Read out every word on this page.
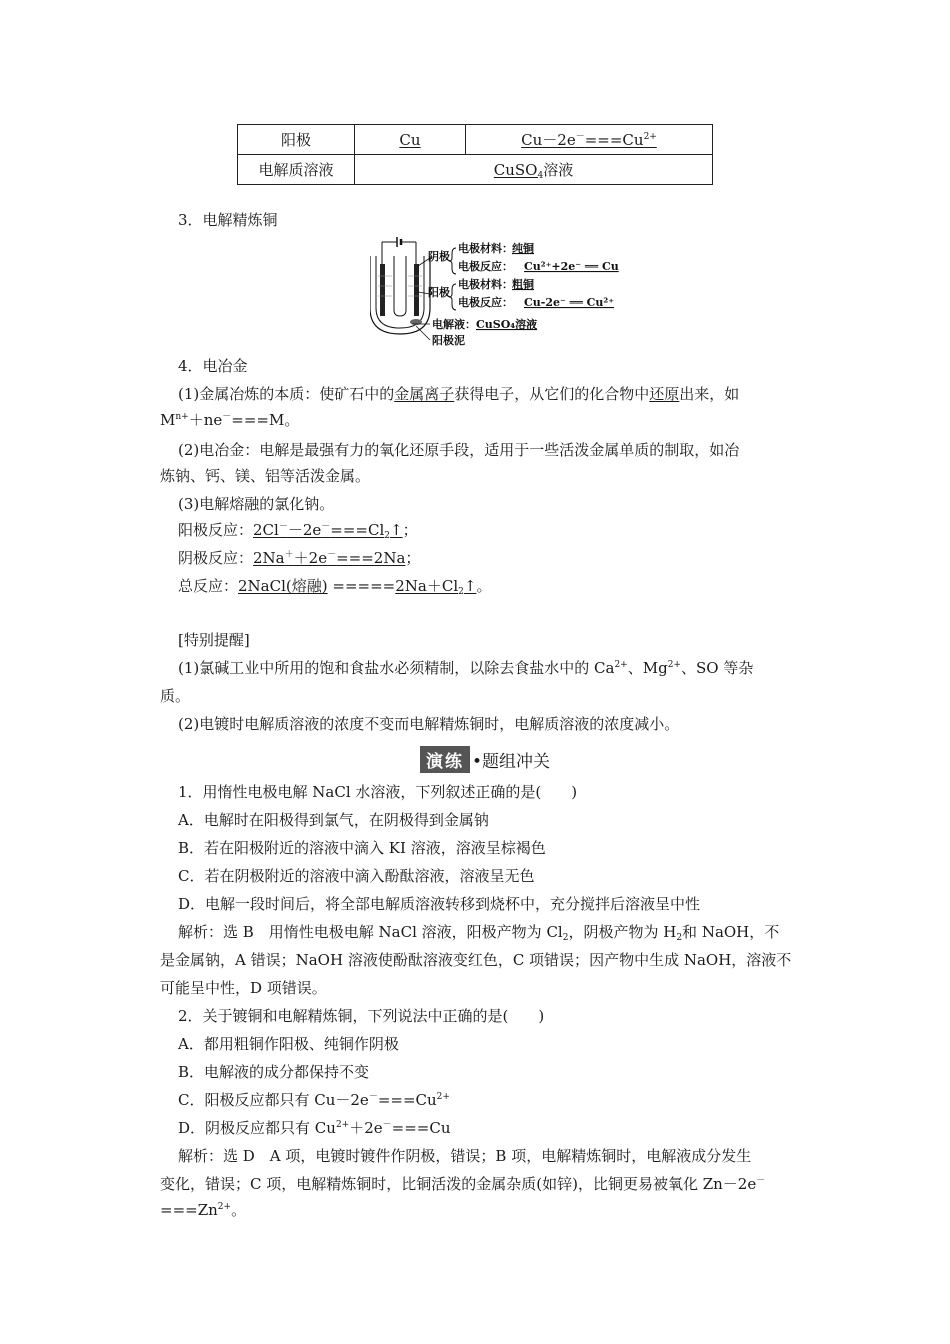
阳极	Cu	$Cu-2e^-===Cu^{2+}$
电解质溶液	CuSO$_4$溶液	
3．电解精炼铜
阴极
阳极
电极材料： 纯铜
电极反应： Cu²⁺+2e⁻ ══ Cu
电极材料： 粗铜
电极反应： Cu-2e⁻ ══ Cu²⁺
电解液： CuSO₄溶液
阳极泥
4．电冶金
(1)金属冶炼的本质：使矿石中的金属离子获得电子，从它们的化合物中还原出来，如
$M^{n+}+ne^-===M$。
(2)电冶金：电解是最强有力的氧化还原手段，适用于一些活泼金属单质的制取，如冶
炼钠、钙、镁、铝等活泼金属。
(3)电解熔融的氯化钠。
阳极反应：$2Cl^--2e^-===Cl_2↑$；
阴极反应：2Na＋＋2e－===2Na；
总反应：2NaCl(熔融) $=====2Na+Cl_2↑$。
[特别提醒]
(1)氯碱工业中所用的饱和食盐水必须精制，以除去食盐水中的 $Ca^{2+}$、$Mg^{2+}$、SO 等杂
质。
(2)电镀时电解质溶液的浓度不变而电解精炼铜时，电解质溶液的浓度减小。
演练 •题组冲关
1．用惰性电极电解 NaCl 水溶液，下列叙述正确的是(　　)
A．电解时在阳极得到氯气，在阴极得到金属钠
B．若在阳极附近的溶液中滴入 KI 溶液，溶液呈棕褐色
C．若在阴极附近的溶液中滴入酚酞溶液，溶液呈无色
D．电解一段时间后，将全部电解质溶液转移到烧杯中，充分搅拌后溶液呈中性
解析：选 B　用惰性电极电解 NaCl 溶液，阳极产物为 $Cl_2$，阴极产物为 $H_2$和 NaOH，不
是金属钠，A 错误；NaOH 溶液使酚酞溶液变红色，C 项错误；因产物中生成 NaOH，溶液不
可能呈中性，D 项错误。
2．关于镀铜和电解精炼铜，下列说法中正确的是(　　)
A．都用粗铜作阳极、纯铜作阴极
B．电解液的成分都保持不变
C．阳极反应都只有 $Cu-2e^-===Cu^{2+}$
D．阴极反应都只有 $Cu^{2+}+2e^-===Cu$
解析：选 D　A 项，电镀时镀件作阴极，错误；B 项，电解精炼铜时，电解液成分发生
变化，错误；C 项，电解精炼铜时，比铜活泼的金属杂质(如锌)，比铜更易被氧化 Zn－2e－
$===Zn^{2+}$。
